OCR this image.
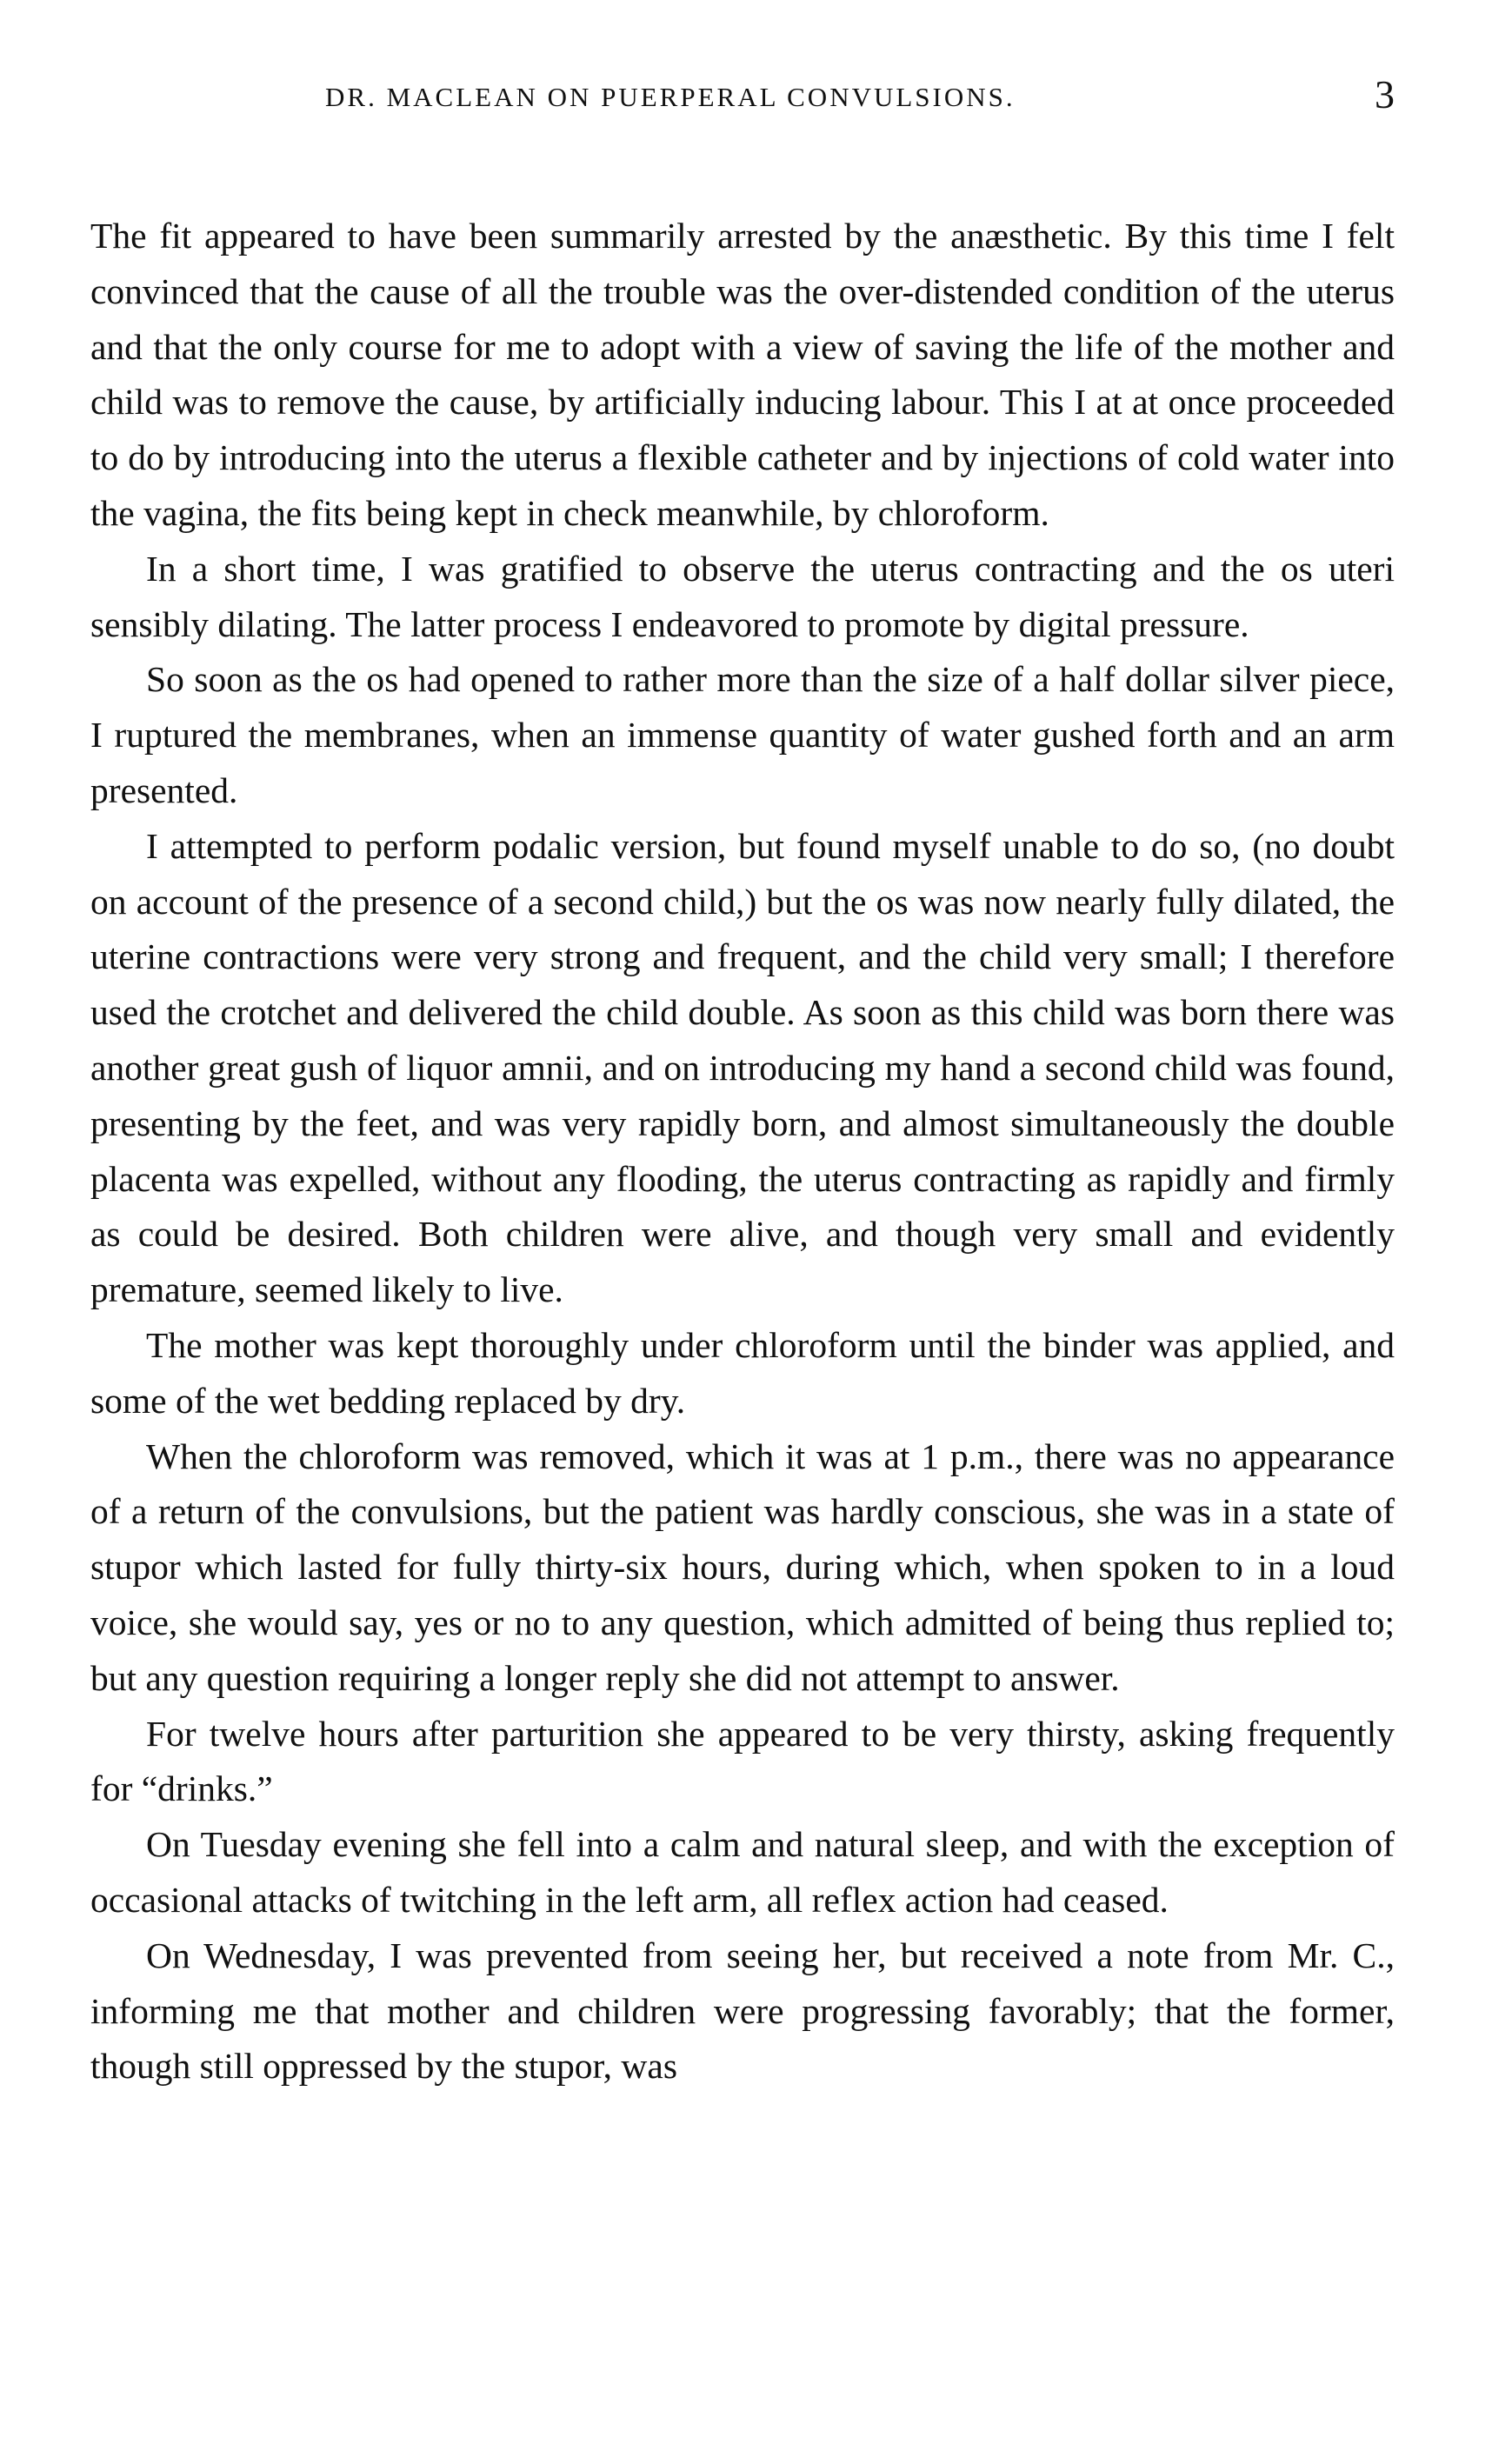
DR. MACLEAN ON PUERPERAL CONVULSIONS.	3

The fit appeared to have been summarily arrested by the anæsthetic. By this time I felt convinced that the cause of all the trouble was the over-distended condition of the uterus and that the only course for me to adopt with a view of saving the life of the mother and child was to remove the cause, by artificially inducing labour. This I at at once proceeded to do by introducing into the uterus a flexible catheter and by injections of cold water into the vagina, the fits being kept in check meanwhile, by chloroform.

In a short time, I was gratified to observe the uterus contracting and the os uteri sensibly dilating. The latter process I endeavored to promote by digital pressure.

So soon as the os had opened to rather more than the size of a half dollar silver piece, I ruptured the membranes, when an immense quantity of water gushed forth and an arm presented.

I attempted to perform podalic version, but found myself unable to do so, (no doubt on account of the presence of a second child,) but the os was now nearly fully dilated, the uterine contractions were very strong and frequent, and the child very small; I therefore used the crotchet and delivered the child double. As soon as this child was born there was another great gush of liquor amnii, and on introducing my hand a second child was found, presenting by the feet, and was very rapidly born, and almost simultaneously the double placenta was expelled, without any flooding, the uterus contracting as rapidly and firmly as could be desired. Both children were alive, and though very small and evidently premature, seemed likely to live.

The mother was kept thoroughly under chloroform until the binder was applied, and some of the wet bedding replaced by dry.

When the chloroform was removed, which it was at 1 p.m., there was no appearance of a return of the convulsions, but the patient was hardly conscious, she was in a state of stupor which lasted for fully thirty-six hours, during which, when spoken to in a loud voice, she would say, yes or no to any question, which admitted of being thus replied to; but any question requiring a longer reply she did not attempt to answer.

For twelve hours after parturition she appeared to be very thirsty, asking frequently for “drinks.”

On Tuesday evening she fell into a calm and natural sleep, and with the exception of occasional attacks of twitching in the left arm, all reflex action had ceased.

On Wednesday, I was prevented from seeing her, but received a note from Mr. C., informing me that mother and children were progressing favorably; that the former, though still oppressed by the stupor, was
